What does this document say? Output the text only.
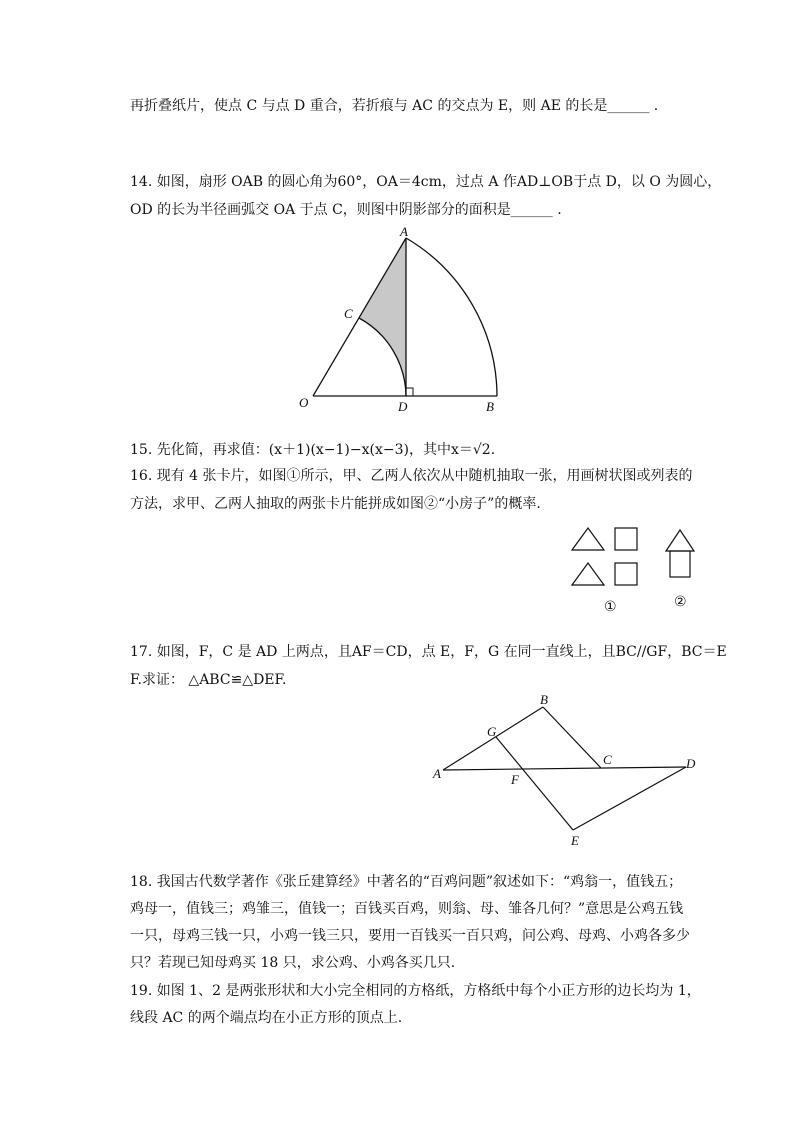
再折叠纸片，使点 C 与点 D 重合，若折痕与 AC 的交点为 E，则 AE 的长是______ .
14. 如图，扇形 OAB 的圆心角为60°，OA＝4cm，过点 A 作AD⊥OB于点 D，以 O 为圆心，
OD 的长为半径画弧交 OA 于点 C，则图中阴影部分的面积是______ .
A
C
O	D	B
15. 先化简，再求值：(x＋1)(x−1)−x(x−3)，其中x＝√2.
16. 现有 4 张卡片，如图①所示，甲、乙两人依次从中随机抽取一张，用画树状图或列表的
方法，求甲、乙两人抽取的两张卡片能拼成如图②“小房子”的概率.
①	②
17. 如图，F，C 是 AD 上两点，且AF＝CD，点 E，F，G 在同一直线上，且BC//GF，BC＝E
F.求证： △ABC≌△DEF.
A
B
G
C	D
F
E
18. 我国古代数学著作《张丘建算经》中著名的“百鸡问题”叙述如下：“鸡翁一，值钱五；
鸡母一，值钱三；鸡雏三，值钱一；百钱买百鸡，则翁、母、雏各几何？”意思是公鸡五钱
一只，母鸡三钱一只，小鸡一钱三只，要用一百钱买一百只鸡，问公鸡、母鸡、小鸡各多少
只？若现已知母鸡买 18 只，求公鸡、小鸡各买几只.
19. 如图 1、2 是两张形状和大小完全相同的方格纸，方格纸中每个小正方形的边长均为 1，
线段 AC 的两个端点均在小正方形的顶点上.
